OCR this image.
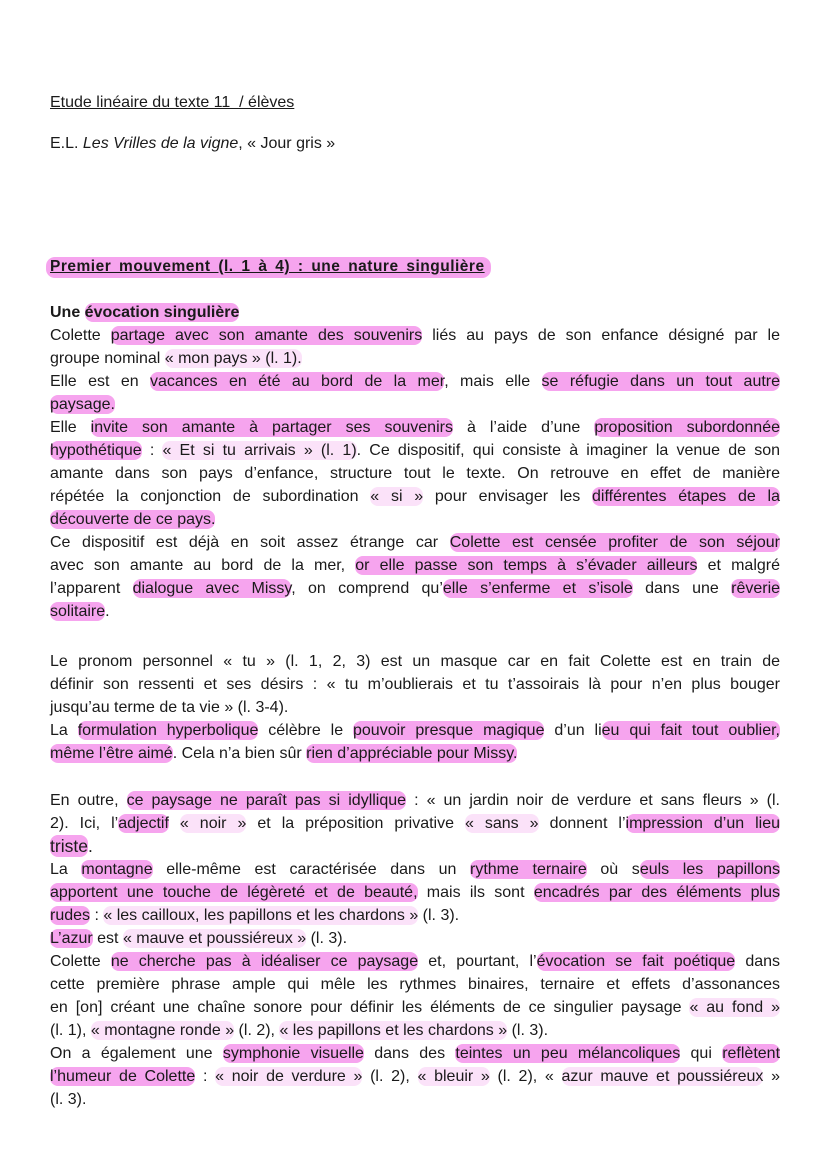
Etude linéaire du texte 11  / élèves
E.L. Les Vrilles de la vigne, « Jour gris »
Premier mouvement (l. 1 à 4) : une nature singulière
Une évocation singulière
Colette partage avec son amante des souvenirs liés au pays de son enfance désigné par le
groupe nominal « mon pays » (l. 1).
Elle est en vacances en été au bord de la mer, mais elle se réfugie dans un tout autre
paysage.
Elle invite son amante à partager ses souvenirs à l’aide d’une proposition subordonnée
hypothétique : « Et si tu arrivais » (l. 1). Ce dispositif, qui consiste à imaginer la venue de son
amante dans son pays d’enfance, structure tout le texte. On retrouve en effet de manière
répétée la conjonction de subordination « si » pour envisager les différentes étapes de la
découverte de ce pays.
Ce dispositif est déjà en soit assez étrange car Colette est censée profiter de son séjour
avec son amante au bord de la mer, or elle passe son temps à s’évader ailleurs et malgré
l’apparent dialogue avec Missy, on comprend qu’elle s’enferme et s’isole dans une rêverie
solitaire.
Le pronom personnel « tu » (l. 1, 2, 3) est un masque car en fait Colette est en train de
définir son ressenti et ses désirs : « tu m’oublierais et tu t’assoirais là pour n’en plus bouger
jusqu’au terme de ta vie » (l. 3-4).
La formulation hyperbolique célèbre le pouvoir presque magique d’un lieu qui fait tout oublier,
même l’être aimé. Cela n’a bien sûr rien d’appréciable pour Missy.
En outre, ce paysage ne paraît pas si idyllique : « un jardin noir de verdure et sans fleurs » (l.
2). Ici, l’adjectif « noir » et la préposition privative « sans » donnent l’impression d’un lieu
triste.
La montagne elle-même est caractérisée dans un rythme ternaire où seuls les papillons
apportent une touche de légèreté et de beauté, mais ils sont encadrés par des éléments plus
rudes : « les cailloux, les papillons et les chardons » (l. 3).
L’azur est « mauve et poussiéreux » (l. 3).
Colette ne cherche pas à idéaliser ce paysage et, pourtant, l’évocation se fait poétique dans
cette première phrase ample qui mêle les rythmes binaires, ternaire et effets d’assonances
en [on] créant une chaîne sonore pour définir les éléments de ce singulier paysage « au fond »
(l. 1), « montagne ronde » (l. 2), « les papillons et les chardons » (l. 3).
On a également une symphonie visuelle dans des teintes un peu mélancoliques qui reflètent
l’humeur de Colette : « noir de verdure » (l. 2), « bleuir » (l. 2), « azur mauve et poussiéreux »
(l. 3).
